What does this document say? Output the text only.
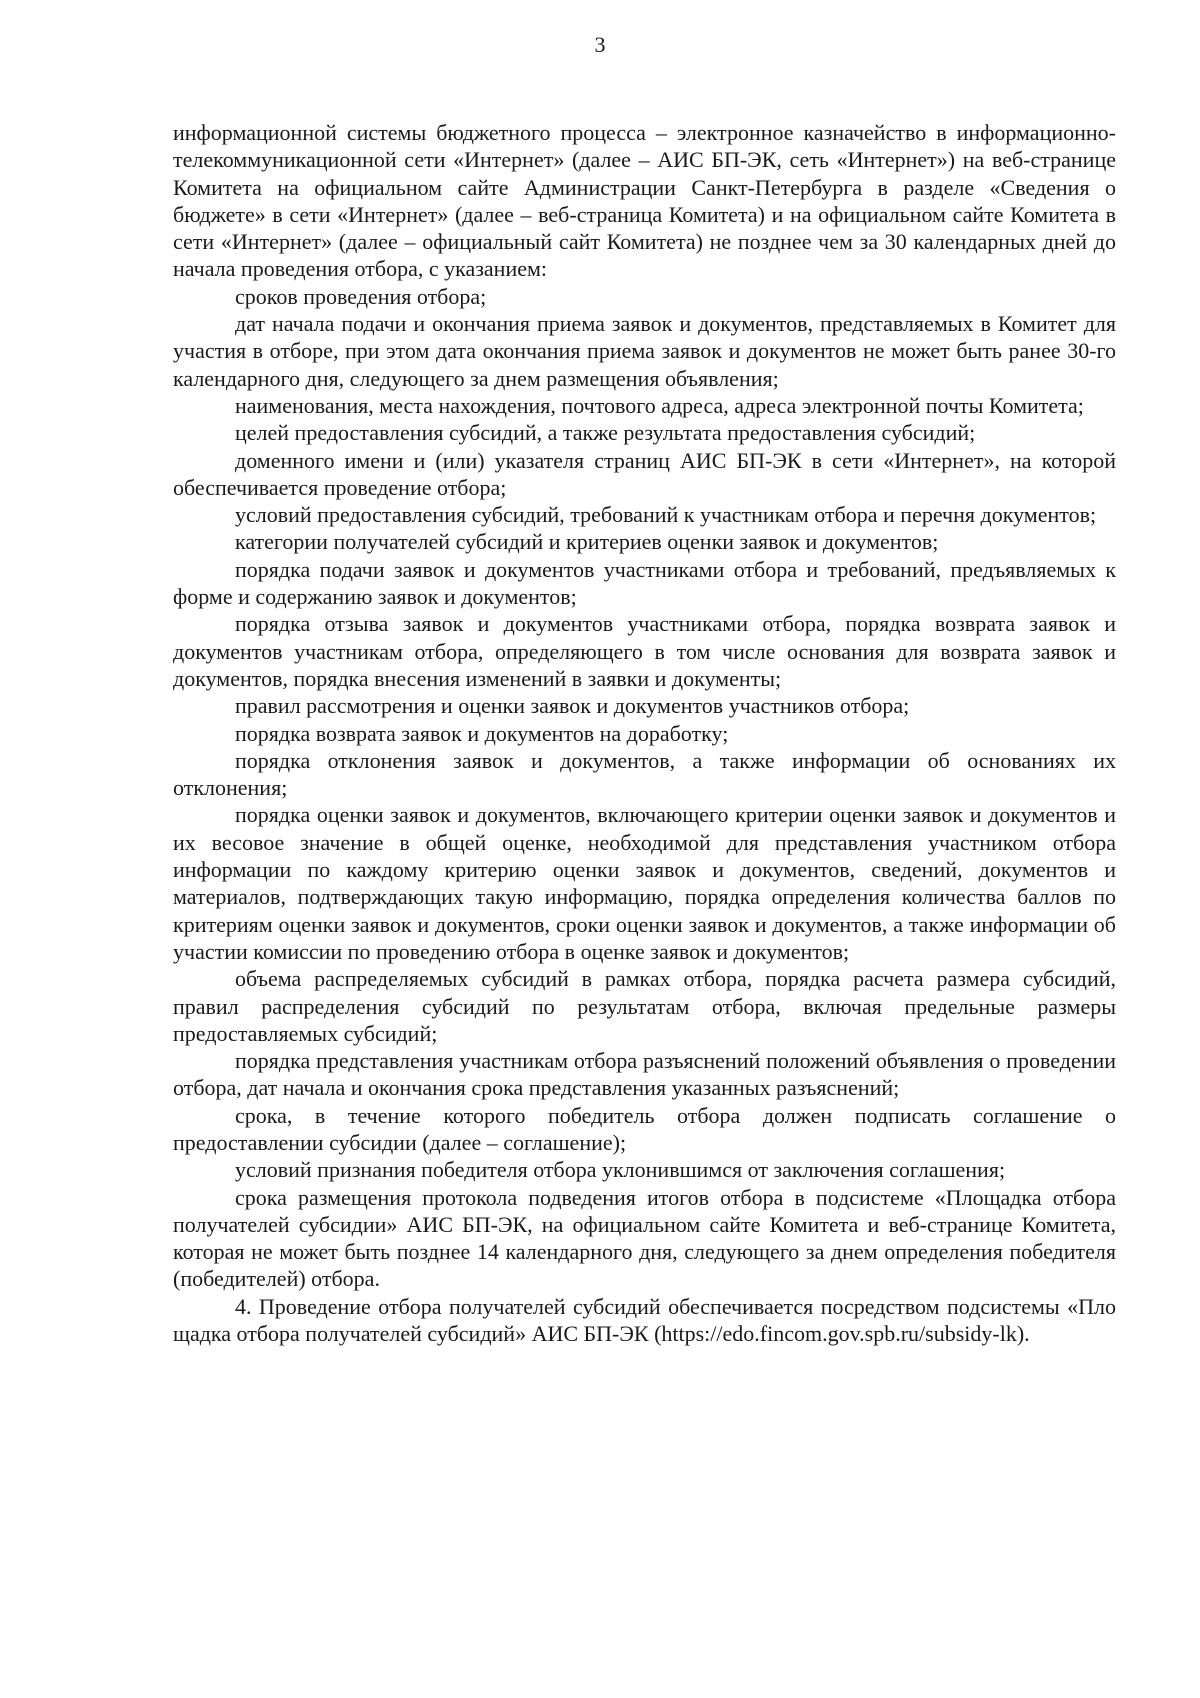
3

информационной системы бюджетного процесса – электронное казначейство в информационно-телекоммуникационной сети «Интернет» (далее – АИС БП-ЭК, сеть «Интернет») на веб-странице Комитета на официальном сайте Администрации Санкт-Петербурга в разделе «Сведения о бюджете» в сети «Интернет» (далее – веб-страница Комитета) и на официальном сайте Комитета в сети «Интернет» (далее – официальный сайт Комитета) не позднее чем за 30 календарных дней до начала проведения отбора, с указанием:

сроков проведения отбора;

дат начала подачи и окончания приема заявок и документов, представляемых в Комитет для участия в отборе, при этом дата окончания приема заявок и документов не может быть ранее 30-го календарного дня, следующего за днем размещения объявления;

наименования, места нахождения, почтового адреса, адреса электронной почты Комитета;

целей предоставления субсидий, а также результата предоставления субсидий;

доменного имени и (или) указателя страниц АИС БП-ЭК в сети «Интернет», на которой обеспечивается проведение отбора;

условий предоставления субсидий, требований к участникам отбора и перечня документов;

категории получателей субсидий и критериев оценки заявок и документов;

порядка подачи заявок и документов участниками отбора и требований, предъявляемых к форме и содержанию заявок и документов;

порядка отзыва заявок и документов участниками отбора, порядка возврата заявок и документов участникам отбора, определяющего в том числе основания для возврата заявок и документов, порядка внесения изменений в заявки и документы;

правил рассмотрения и оценки заявок и документов участников отбора;

порядка возврата заявок и документов на доработку;

порядка отклонения заявок и документов, а также информации об основаниях их отклонения;

порядка оценки заявок и документов, включающего критерии оценки заявок и документов и их весовое значение в общей оценке, необходимой для представления участником отбора информации по каждому критерию оценки заявок и документов, сведений, документов и материалов, подтверждающих такую информацию, порядка определения количества баллов по критериям оценки заявок и документов, сроки оценки заявок и документов, а также информации об участии комиссии по проведению отбора в оценке заявок и документов;

объема распределяемых субсидий в рамках отбора, порядка расчета размера субсидий, правил распределения субсидий по результатам отбора, включая предельные размеры предоставляемых субсидий;

порядка представления участникам отбора разъяснений положений объявления о проведении отбора, дат начала и окончания срока представления указанных разъяснений;

срока, в течение которого победитель отбора должен подписать соглашение о предоставлении субсидии (далее – соглашение);

условий признания победителя отбора уклонившимся от заключения соглашения;

срока размещения протокола подведения итогов отбора в подсистеме «Площадка отбора получателей субсидии» АИС БП-ЭК, на официальном сайте Комитета и веб-странице Комитета, которая не может быть позднее 14 календарного дня, следующего за днем определения победителя (победителей) отбора.

4. Проведение отбора получателей субсидий обеспечивается посредством подсистемы «Площадка отбора получателей субсидий» АИС БП-ЭК (https://edo.fincom.gov.spb.ru/subsidy-lk).
